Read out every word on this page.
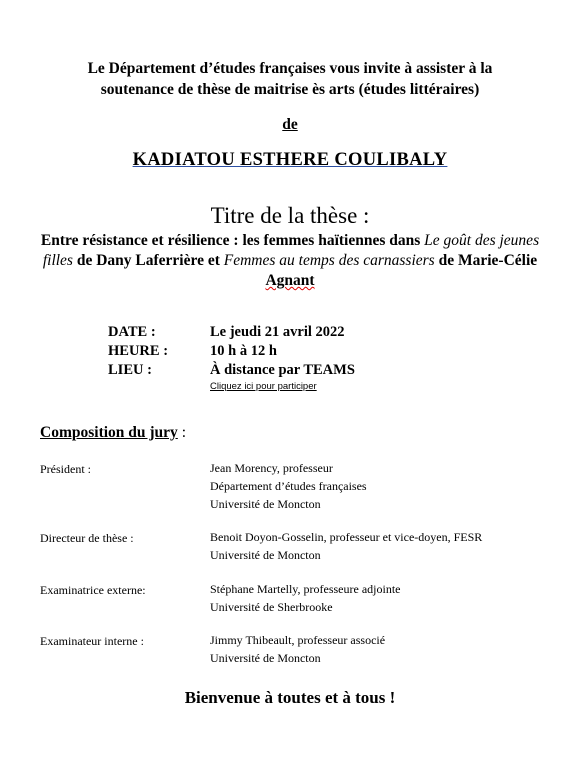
Le Département d’études françaises vous invite à assister à la
soutenance de thèse de maitrise ès arts (études littéraires)
de
KADIATOU ESTHERE COULIBALY
Titre de la thèse :
Entre résistance et résilience : les femmes haïtiennes dans Le goût des jeunes filles de Dany Laferrière et Femmes au temps des carnassiers de Marie-Célie Agnant
DATE :	Le jeudi 21 avril 2022
HEURE :	10 h à 12 h
LIEU :	À distance par TEAMS
Cliquez ici pour participer
Composition du jury :
Président :	Jean Morency, professeur
Département d’études françaises
Université de Moncton
Directeur de thèse :	Benoit Doyon-Gosselin, professeur et vice-doyen, FESR
Université de Moncton
Examinatrice externe:	Stéphane Martelly, professeure adjointe
Université de Sherbrooke
Examinateur interne :	Jimmy Thibeault, professeur associé
Université de Moncton
Bienvenue à toutes et à tous !
